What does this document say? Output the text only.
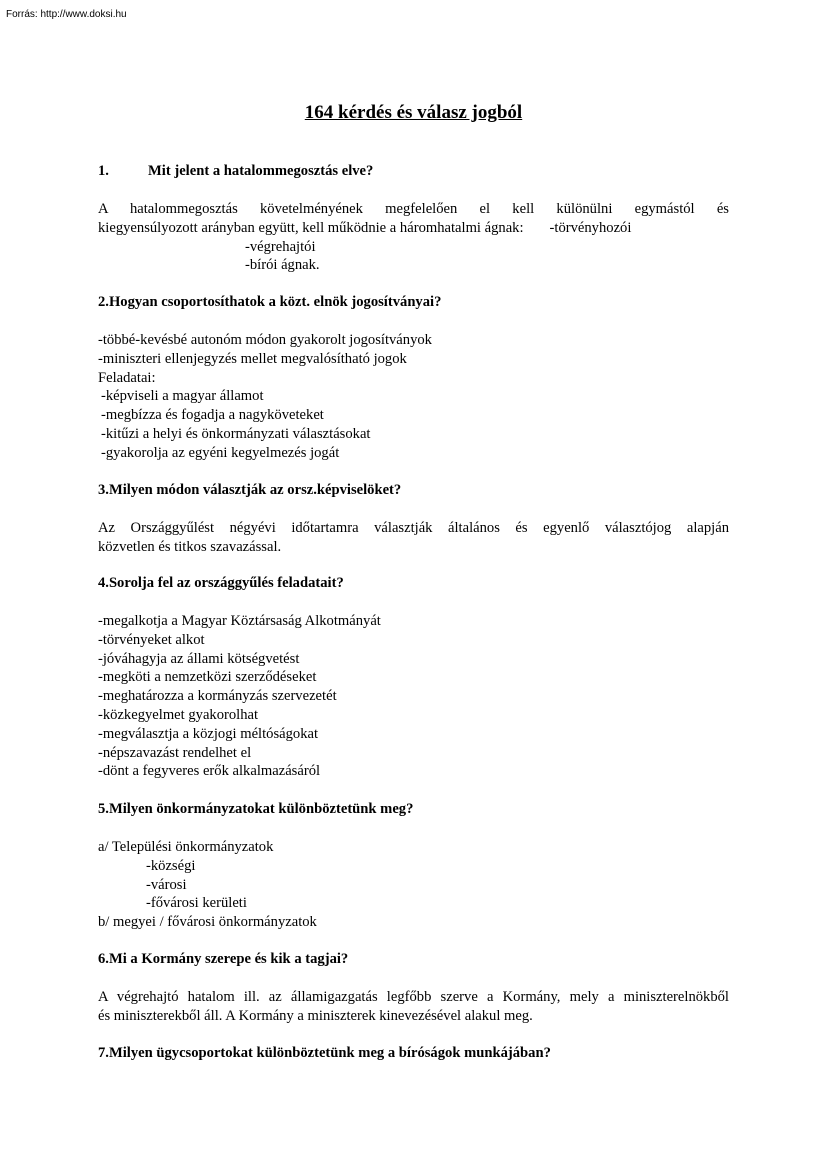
Forrás: http://www.doksi.hu
164 kérdés és válasz jogból
1.	Mit jelent a hatalommegosztás elve?
A hatalommegosztás követelményének megfelelően el kell különülni egymástól és
kiegyensúlyozott arányban együtt, kell működnie a háromhatalmi ágnak: -törvényhozói
-végrehajtói
-bírói ágnak.
2.Hogyan csoportosíthatok a közt. elnök jogosítványai?
-többé-kevésbé autonóm módon gyakorolt jogosítványok
-miniszteri ellenjegyzés mellet megvalósítható jogok
Feladatai:
-képviseli a magyar államot
-megbízza és fogadja a nagyköveteket
-kitűzi a helyi és önkormányzati választásokat
-gyakorolja az egyéni kegyelmezés jogát
3.Milyen módon választják az orsz.képviselöket?
Az Országgyűlést négyévi időtartamra választják általános és egyenlő választójog alapján
közvetlen és titkos szavazással.
4.Sorolja fel az országgyűlés feladatait?
-megalkotja a Magyar Köztársaság Alkotmányát
-törvényeket alkot
-jóváhagyja az állami kötségvetést
-megköti a nemzetközi szerződéseket
-meghatározza a kormányzás szervezetét
-közkegyelmet gyakorolhat
-megválasztja a közjogi méltóságokat
-népszavazást rendelhet el
-dönt a fegyveres erők alkalmazásáról
5.Milyen önkormányzatokat különböztetünk meg?
a/ Települési önkormányzatok
-községi
-városi
-fővárosi kerületi
b/ megyei / fővárosi önkormányzatok
6.Mi a Kormány szerepe és kik a tagjai?
A végrehajtó hatalom ill. az államigazgatás legfőbb szerve a Kormány, mely a miniszterelnökből
és miniszterekből áll. A Kormány a miniszterek kinevezésével alakul meg.
7.Milyen ügycsoportokat különböztetünk meg a bíróságok munkájában?
